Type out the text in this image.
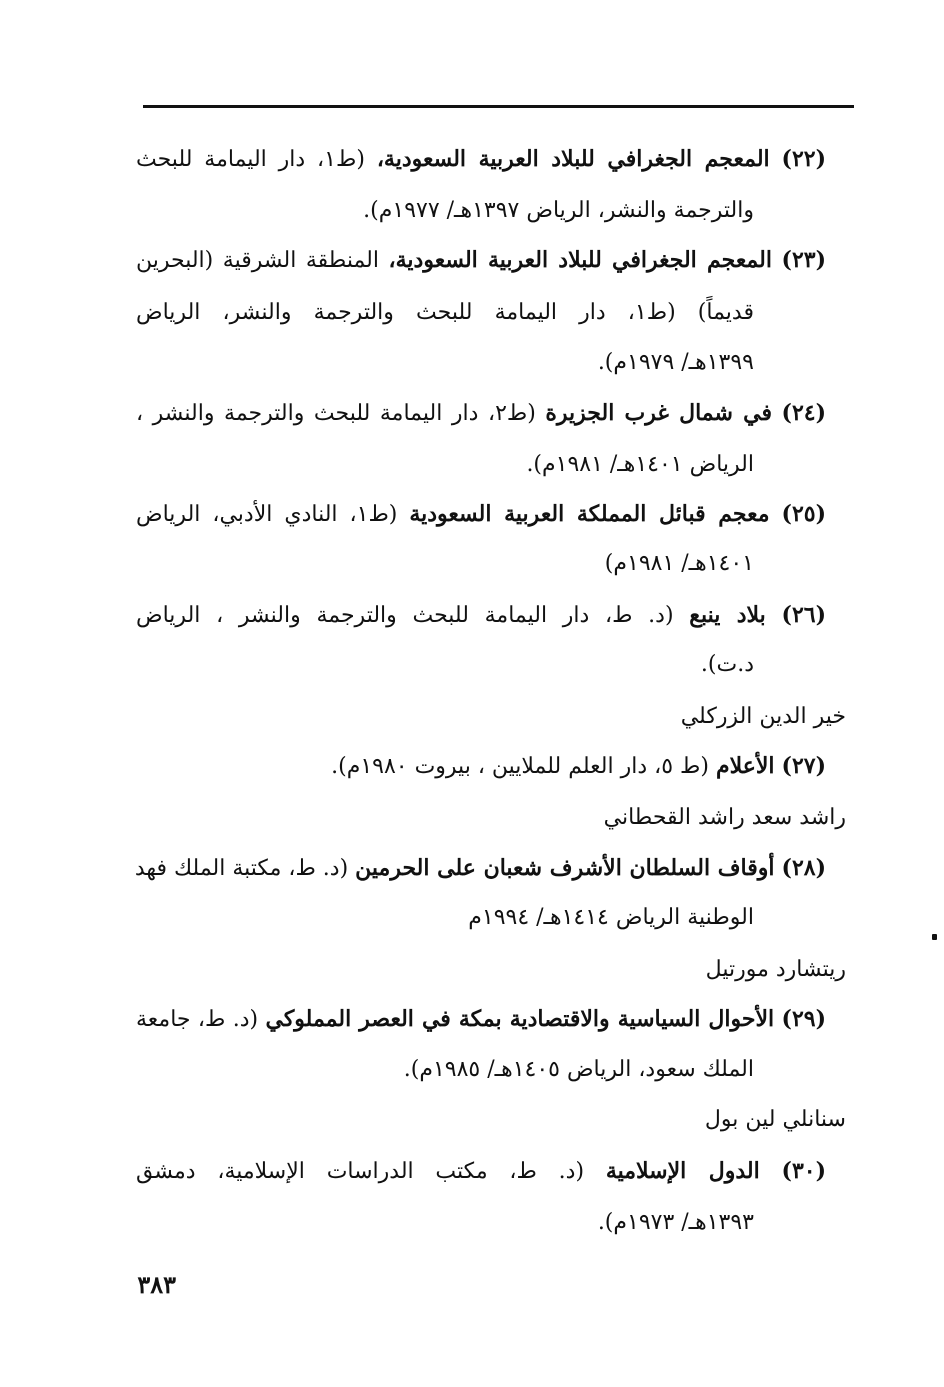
(٢٢) المعجم الجغرافي للبلاد العربية السعودية، (ط١، دار اليمامة للبحث
والترجمة والنشر، الرياض ١٣٩٧هـ/ ١٩٧٧م).
(٢٣) المعجم الجغرافي للبلاد العربية السعودية، المنطقة الشرقية (البحرين
قديماً) (ط١، دار اليمامة للبحث والترجمة والنشر، الرياض
١٣٩٩هـ/ ١٩٧٩م).
(٢٤) في شمال غرب الجزيرة (ط٢، دار اليمامة للبحث والترجمة والنشر ،
الرياض ١٤٠١هـ/ ١٩٨١م).
(٢٥) معجم قبائل المملكة العربية السعودية (ط١، النادي الأدبي، الرياض
١٤٠١هـ/ ١٩٨١م)
(٢٦) بلاد ينبع (د. ط، دار اليمامة للبحث والترجمة والنشر ، الرياض
د.ت).
خير الدين الزركلي
(٢٧) الأعلام (ط ٥، دار العلم للملايين ، بيروت ١٩٨٠م).
راشد سعد راشد القحطاني
(٢٨) أوقاف السلطان الأشرف شعبان على الحرمين (د. ط، مكتبة الملك فهد
الوطنية الرياض ١٤١٤هـ/ ١٩٩٤م
ريتشارد مورتيل
(٢٩) الأحوال السياسية والاقتصادية بمكة في العصر المملوكي (د. ط، جامعة
الملك سعود، الرياض ١٤٠٥هـ/ ١٩٨٥م).
سنانلي لين بول
(٣٠) الدول الإسلامية (د. ط، مكتب الدراسات الإسلامية، دمشق
١٣٩٣هـ/ ١٩٧٣م).
٣٨٣
